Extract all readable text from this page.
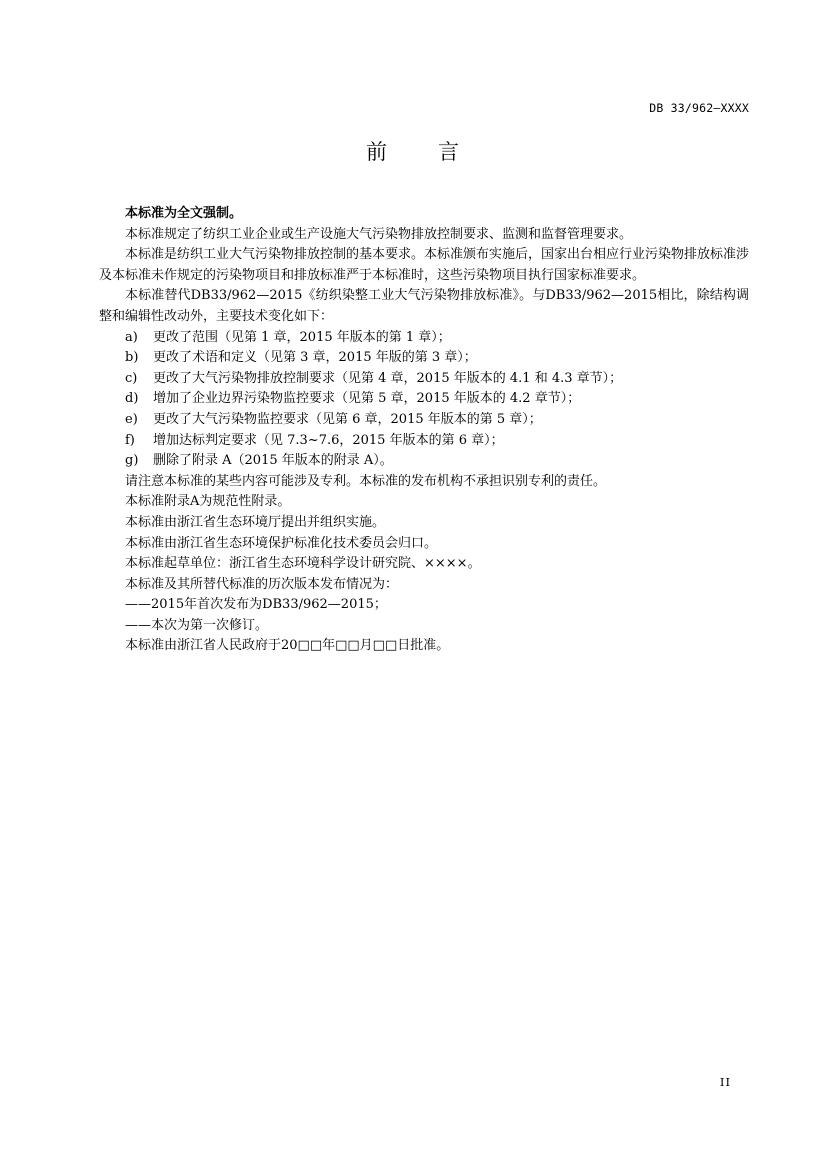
DB 33/962—XXXX
前 言

本标准为全文强制。

本标准规定了纺织工业企业或生产设施大气污染物排放控制要求、监测和监督管理要求。

本标准是纺织工业大气污染物排放控制的基本要求。本标准颁布实施后，国家出台相应行业污染物排放标准涉及本标准未作规定的污染物项目和排放标准严于本标准时，这些污染物项目执行国家标准要求。

本标准替代DB33/962—2015《纺织染整工业大气污染物排放标准》。与DB33/962—2015相比，除结构调整和编辑性改动外，主要技术变化如下：

a) 更改了范围（见第 1 章，2015 年版本的第 1 章）；

b) 更改了术语和定义（见第 3 章，2015 年版的第 3 章）；

c) 更改了大气污染物排放控制要求（见第 4 章，2015 年版本的 4.1 和 4.3 章节）；

d) 增加了企业边界污染物监控要求（见第 5 章，2015 年版本的 4.2 章节）；

e) 更改了大气污染物监控要求（见第 6 章，2015 年版本的第 5 章）；

f) 增加达标判定要求（见 7.3~7.6，2015 年版本的第 6 章）；

g) 删除了附录 A（2015 年版本的附录 A）。

请注意本标准的某些内容可能涉及专利。本标准的发布机构不承担识别专利的责任。

本标准附录A为规范性附录。

本标准由浙江省生态环境厅提出并组织实施。

本标准由浙江省生态环境保护标准化技术委员会归口。

本标准起草单位：浙江省生态环境科学设计研究院、××××。

本标准及其所替代标准的历次版本发布情况为：

——2015年首次发布为DB33/962—2015；

——本次为第一次修订。

本标准由浙江省人民政府于20□□年□□月□□日批准。

II
